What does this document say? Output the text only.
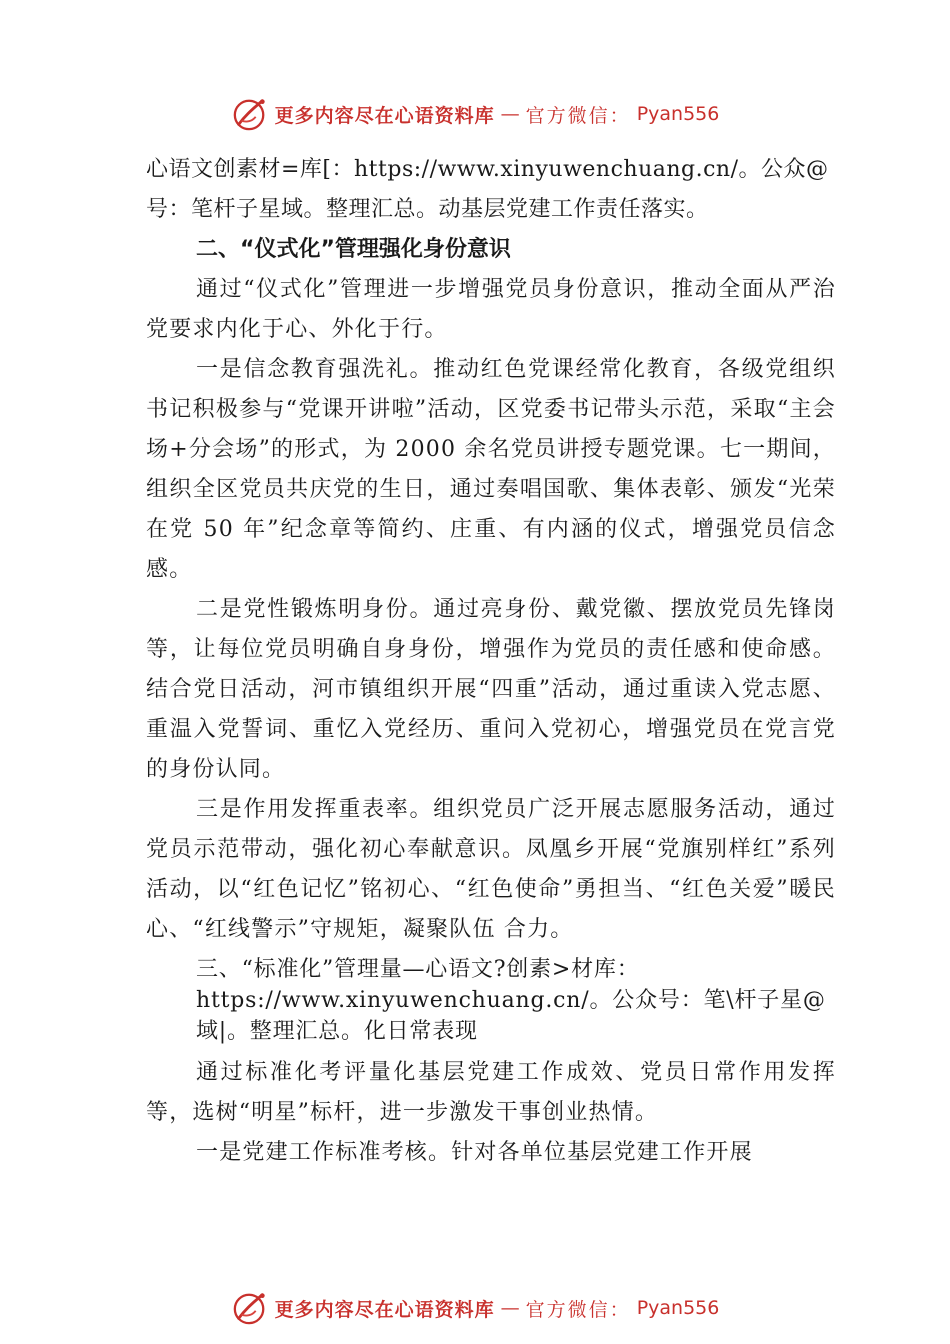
更多内容尽在心语资料库 — 官方微信： Pyan556

心语文创素材=库[：https://www.xinyuwenchuang.cn/。公众@号：笔杆子星域。整理汇总。动基层党建工作责任落实。

二、“仪式化”管理强化身份意识

通过“仪式化”管理进一步增强党员身份意识，推动全面从严治党要求内化于心、外化于行。

一是信念教育强洗礼。推动红色党课经常化教育，各级党组织书记积极参与“党课开讲啦”活动，区党委书记带头示范，采取“主会场+分会场”的形式，为 2000 余名党员讲授专题党课。七一期间，组织全区党员共庆党的生日，通过奏唱国歌、集体表彰、颁发“光荣在党 50 年”纪念章等简约、庄重、有内涵的仪式，增强党员信念感。

二是党性锻炼明身份。通过亮身份、戴党徽、摆放党员先锋岗等，让每位党员明确自身身份，增强作为党员的责任感和使命感。结合党日活动，河市镇组织开展“四重”活动，通过重读入党志愿、重温入党誓词、重忆入党经历、重问入党初心，增强党员在党言党的身份认同。

三是作用发挥重表率。组织党员广泛开展志愿服务活动，通过党员示范带动，强化初心奉献意识。凤凰乡开展“党旗别样红”系列活动，以“红色记忆”铭初心、“红色使命”勇担当、“红色关爱”暖民心、“红线警示”守规矩，凝聚队伍 合力。

三、“标准化”管理量—心语文?创素>材库：https://www.xinyuwenchuang.cn/。公众号：笔\杆子星@域|。整理汇总。化日常表现

通过标准化考评量化基层党建工作成效、党员日常作用发挥等，选树“明星”标杆，进一步激发干事创业热情。

一是党建工作标准考核。针对各单位基层党建工作开展

更多内容尽在心语资料库 — 官方微信： Pyan556
